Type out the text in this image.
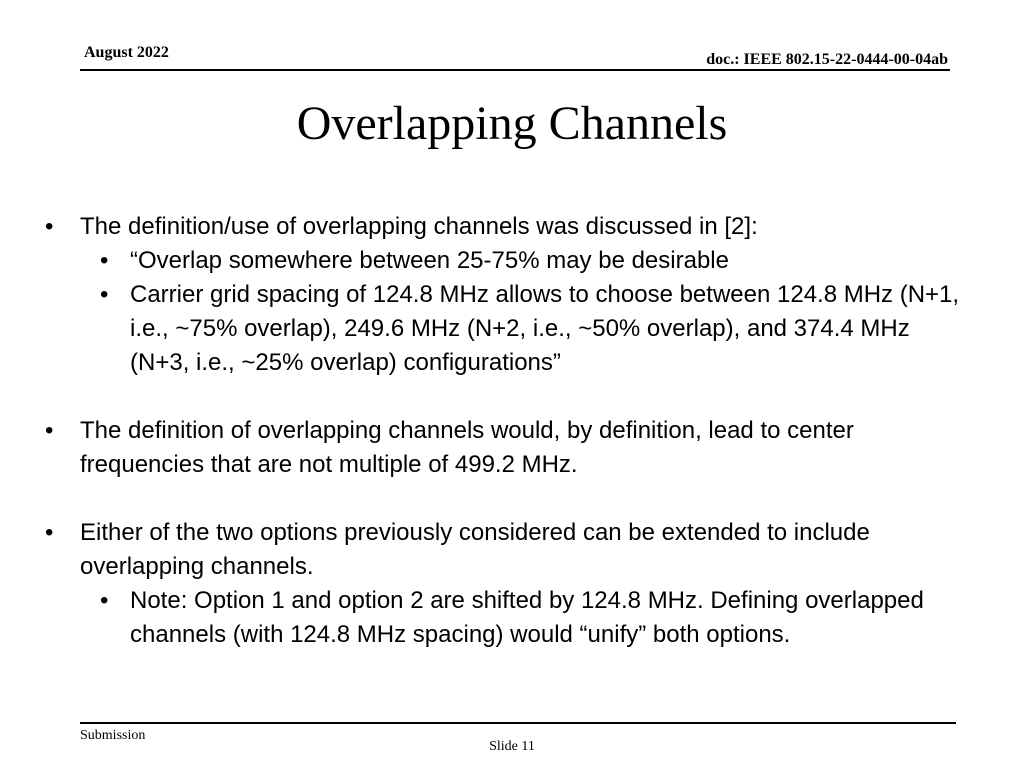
August 2022	doc.: IEEE 802.15-22-0444-00-04ab
Overlapping Channels
• The definition/use of overlapping channels was discussed in [2]:
• “Overlap somewhere between 25-75% may be desirable
• Carrier grid spacing of 124.8 MHz allows to choose between 124.8 MHz (N+1, i.e., ~75% overlap), 249.6 MHz (N+2, i.e., ~50% overlap), and 374.4 MHz (N+3, i.e., ~25% overlap) configurations”
• The definition of overlapping channels would, by definition, lead to center frequencies that are not multiple of 499.2 MHz.
• Either of the two options previously considered can be extended to include overlapping channels.
• Note: Option 1 and option 2 are shifted by 124.8 MHz. Defining overlapped channels (with 124.8 MHz spacing) would “unify” both options.
Submission
Slide 11
